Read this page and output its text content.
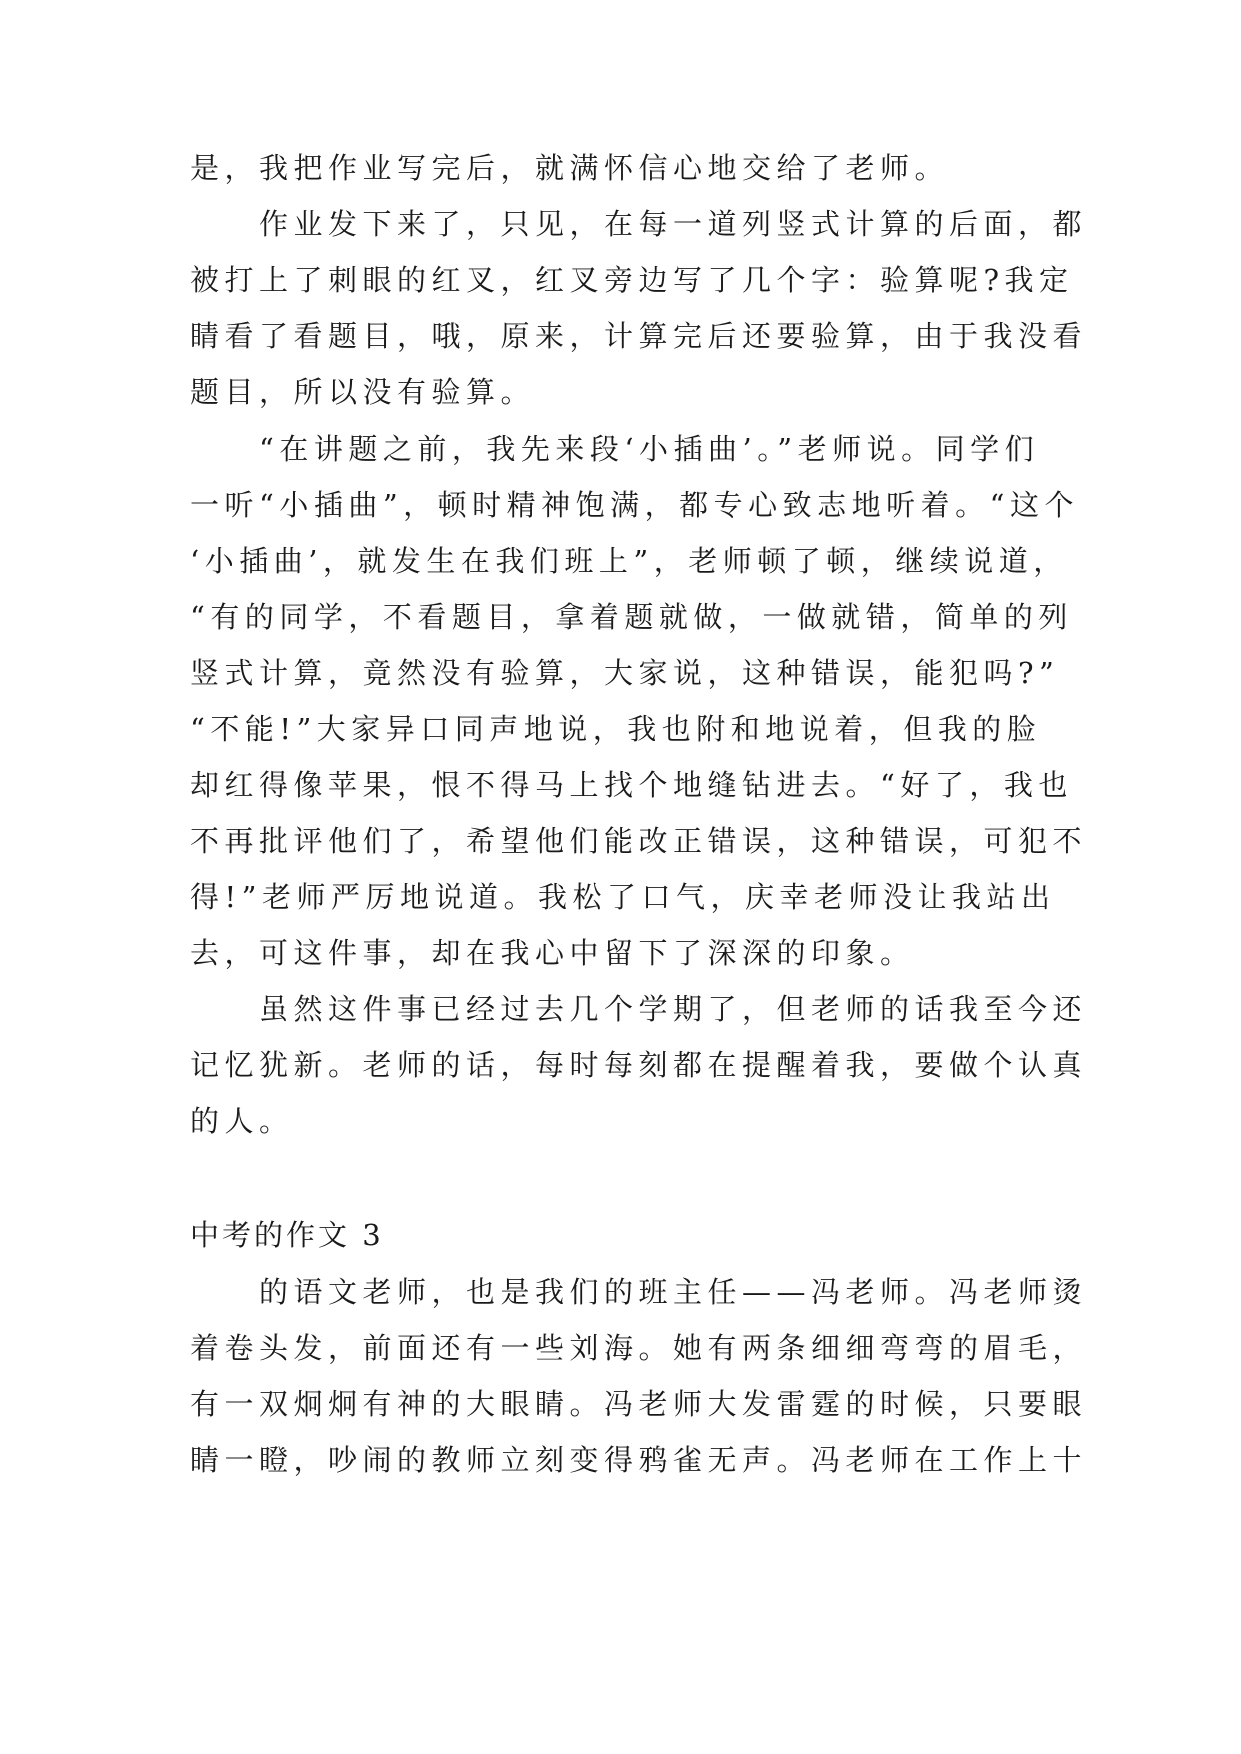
是，我把作业写完后，就满怀信心地交给了老师。
　　作业发下来了，只见，在每一道列竖式计算的后面，都
被打上了刺眼的红叉，红叉旁边写了几个字：验算呢?我定
睛看了看题目，哦，原来，计算完后还要验算，由于我没看
题目，所以没有验算。
　　“在讲题之前，我先来段‘小插曲’。”老师说。同学们
一听“小插曲”，顿时精神饱满，都专心致志地听着。“这个
‘小插曲’，就发生在我们班上”，老师顿了顿，继续说道，
“有的同学，不看题目，拿着题就做，一做就错，简单的列
竖式计算，竟然没有验算，大家说，这种错误，能犯吗?”
“不能!”大家异口同声地说，我也附和地说着，但我的脸
却红得像苹果，恨不得马上找个地缝钻进去。“好了，我也
不再批评他们了，希望他们能改正错误，这种错误，可犯不
得!”老师严厉地说道。我松了口气，庆幸老师没让我站出
去，可这件事，却在我心中留下了深深的印象。
　　虽然这件事已经过去几个学期了，但老师的话我至今还
记忆犹新。老师的话，每时每刻都在提醒着我，要做个认真
的人。
中考的作文 3
　　的语文老师，也是我们的班主任——冯老师。冯老师烫
着卷头发，前面还有一些刘海。她有两条细细弯弯的眉毛，
有一双炯炯有神的大眼睛。冯老师大发雷霆的时候，只要眼
睛一瞪，吵闹的教师立刻变得鸦雀无声。冯老师在工作上十
